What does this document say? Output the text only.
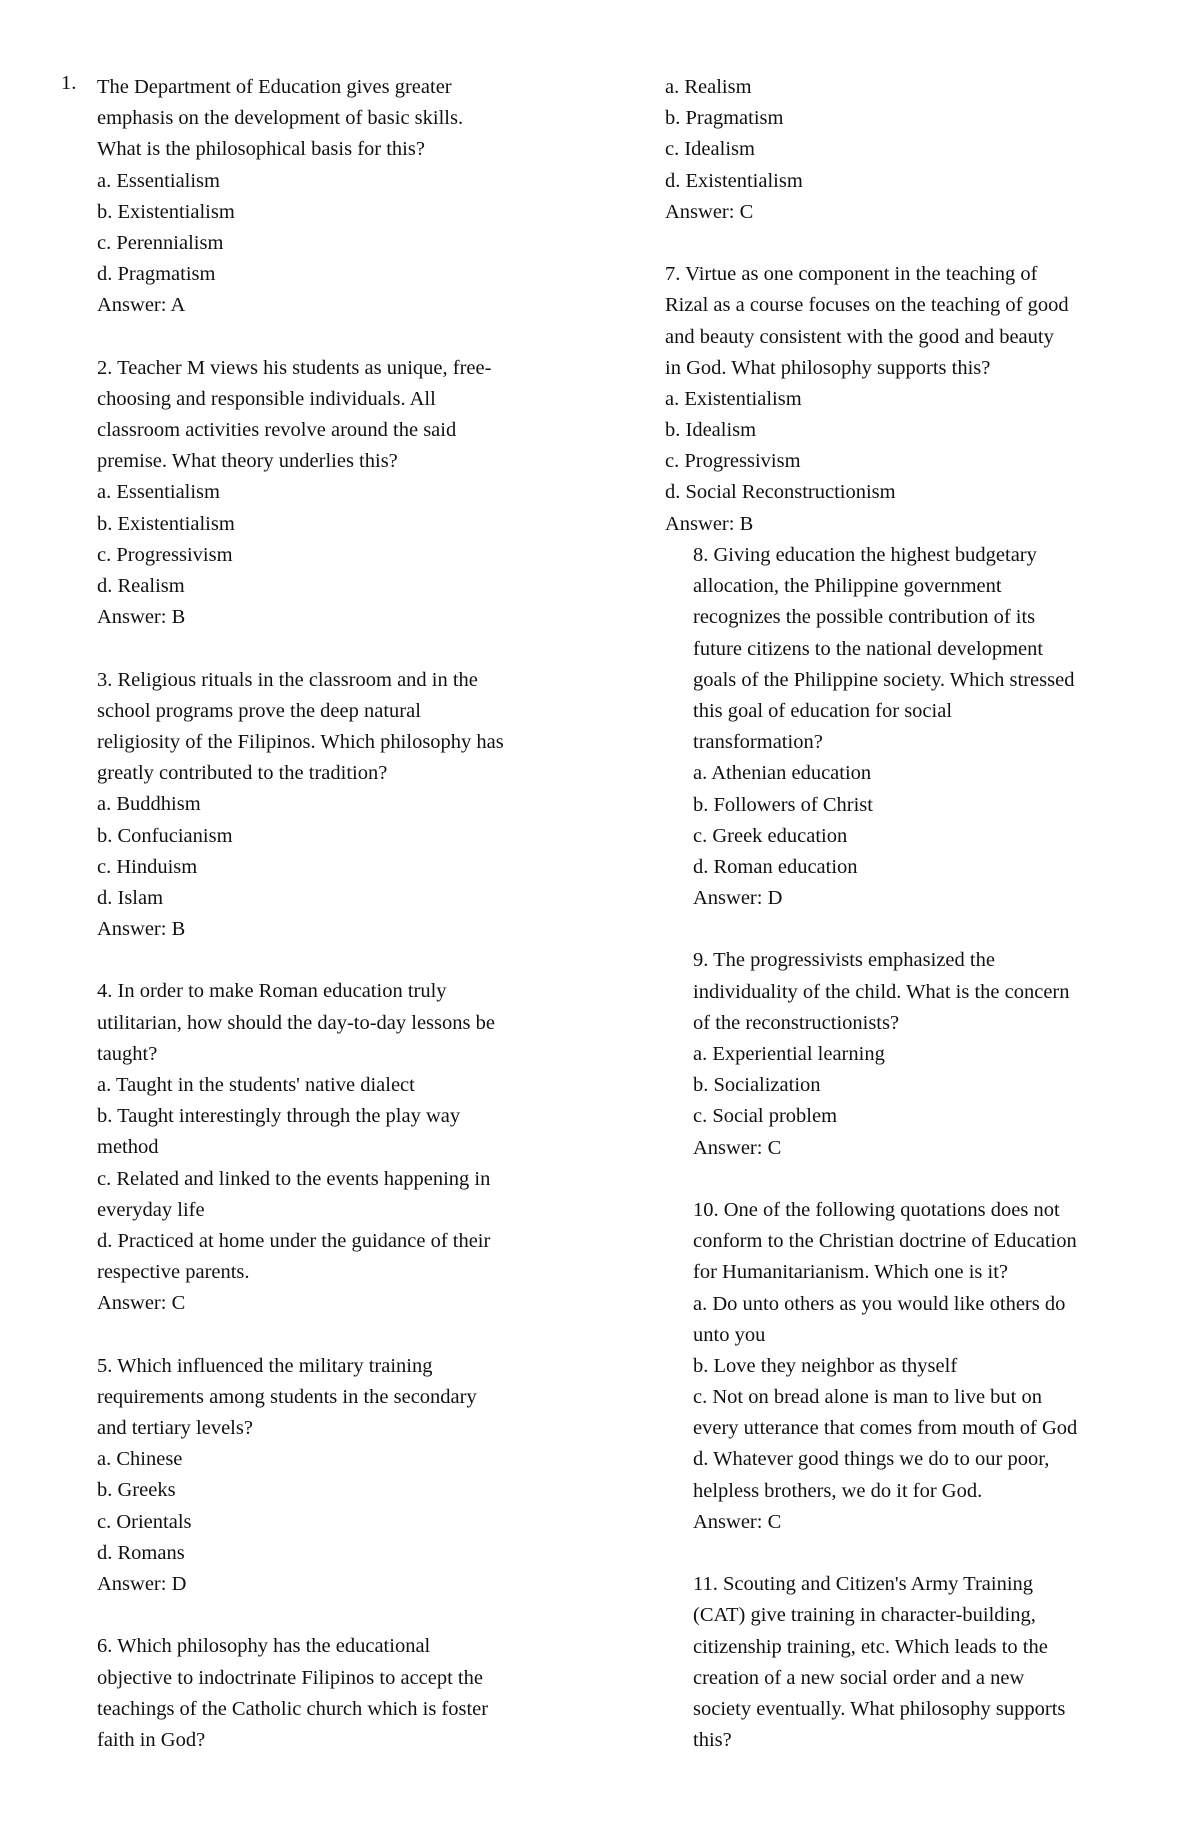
1. The Department of Education gives greater
emphasis on the development of basic skills.
What is the philosophical basis for this?
a. Essentialism
b. Existentialism
c. Perennialism
d. Pragmatism
Answer: A
2. Teacher M views his students as unique, free-
choosing and responsible individuals. All
classroom activities revolve around the said
premise. What theory underlies this?
a. Essentialism
b. Existentialism
c. Progressivism
d. Realism
Answer: B
3. Religious rituals in the classroom and in the
school programs prove the deep natural
religiosity of the Filipinos. Which philosophy has
greatly contributed to the tradition?
a. Buddhism
b. Confucianism
c. Hinduism
d. Islam
Answer: B
4. In order to make Roman education truly
utilitarian, how should the day-to-day lessons be
taught?
a. Taught in the students' native dialect
b. Taught interestingly through the play way
method
c. Related and linked to the events happening in
everyday life
d. Practiced at home under the guidance of their
respective parents.
Answer: C
5. Which influenced the military training
requirements among students in the secondary
and tertiary levels?
a. Chinese
b. Greeks
c. Orientals
d. Romans
Answer: D
6. Which philosophy has the educational
objective to indoctrinate Filipinos to accept the
teachings of the Catholic church which is foster
faith in God?
a. Realism
b. Pragmatism
c. Idealism
d. Existentialism
Answer: C
7. Virtue as one component in the teaching of
Rizal as a course focuses on the teaching of good
and beauty consistent with the good and beauty
in God. What philosophy supports this?
a. Existentialism
b. Idealism
c. Progressivism
d. Social Reconstructionism
Answer: B
8. Giving education the highest budgetary
allocation, the Philippine government
recognizes the possible contribution of its
future citizens to the national development
goals of the Philippine society. Which stressed
this goal of education for social
transformation?
a. Athenian education
b. Followers of Christ
c. Greek education
d. Roman education
Answer: D
9. The progressivists emphasized the
individuality of the child. What is the concern
of the reconstructionists?
a. Experiential learning
b. Socialization
c. Social problem
Answer: C
10. One of the following quotations does not
conform to the Christian doctrine of Education
for Humanitarianism. Which one is it?
a. Do unto others as you would like others do
unto you
b. Love they neighbor as thyself
c. Not on bread alone is man to live but on
every utterance that comes from mouth of God
d. Whatever good things we do to our poor,
helpless brothers, we do it for God.
Answer: C
11. Scouting and Citizen's Army Training
(CAT) give training in character-building,
citizenship training, etc. Which leads to the
creation of a new social order and a new
society eventually. What philosophy supports
this?
